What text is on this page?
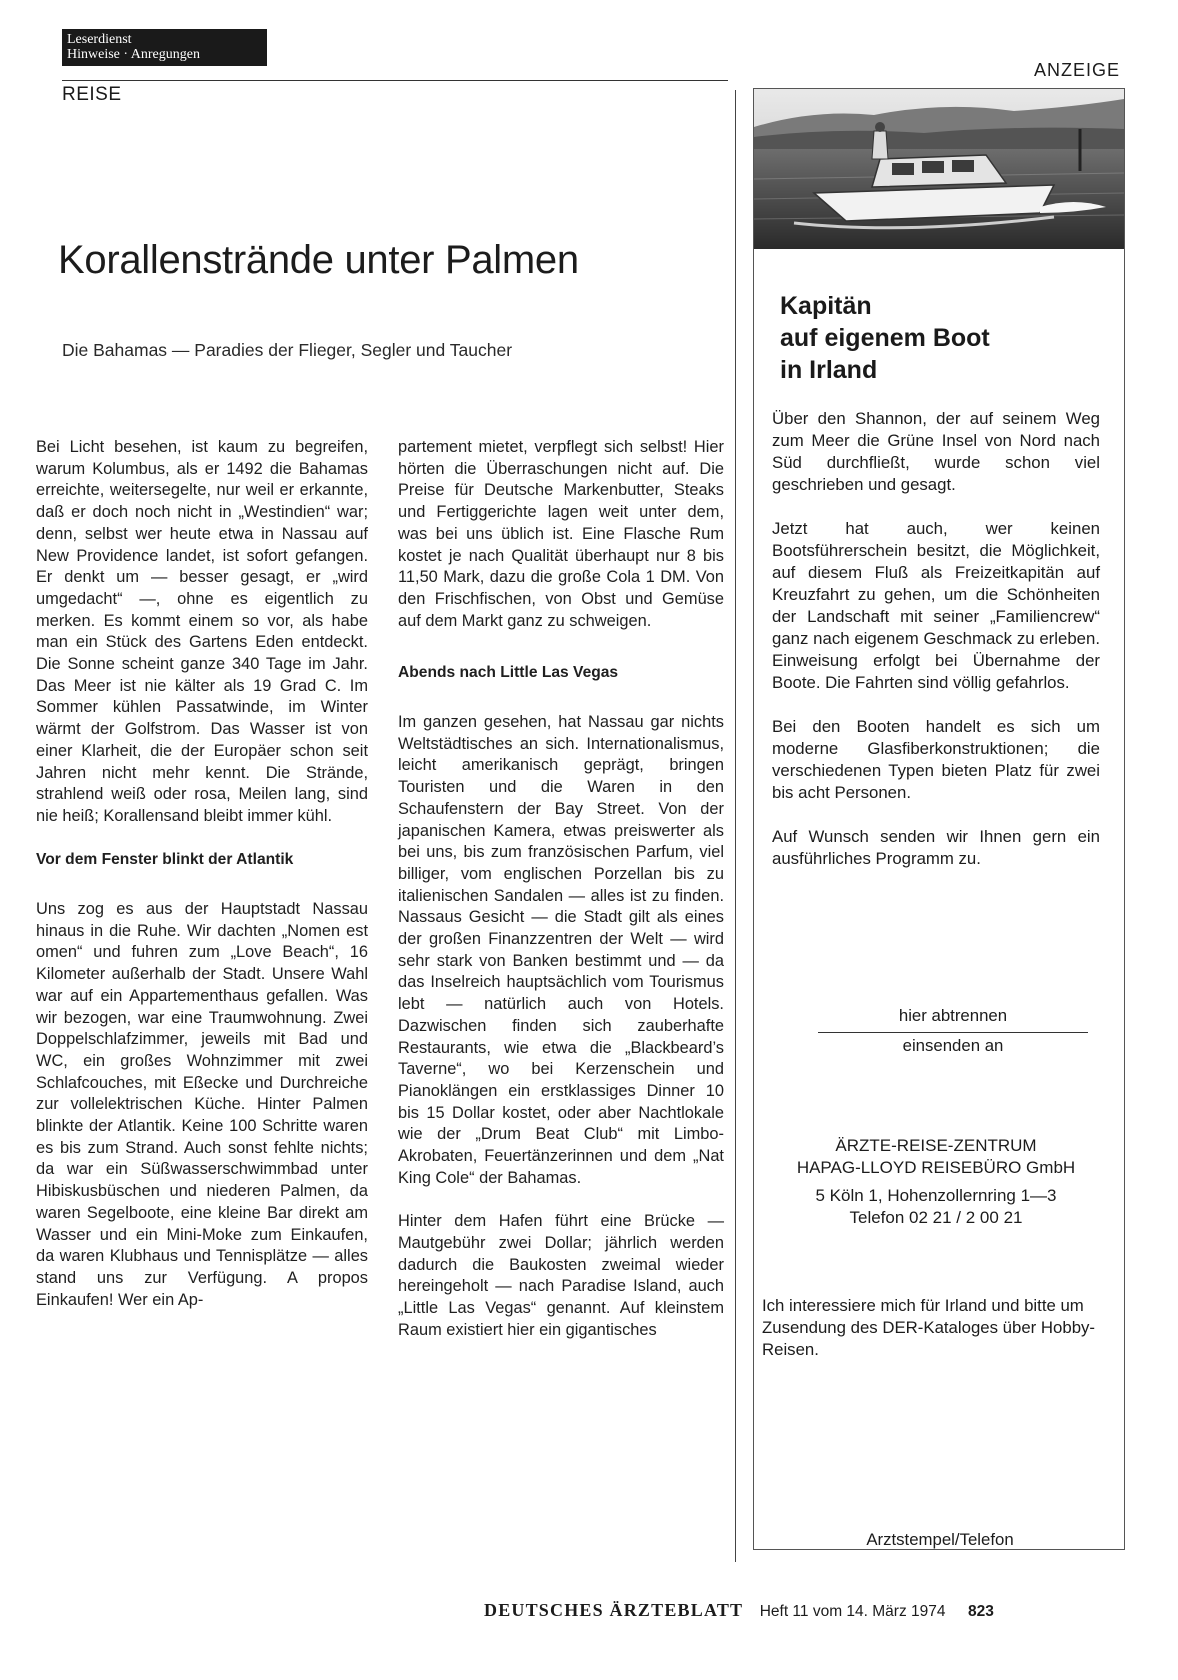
Leserdienst
Hinweise · Anregungen
REISE
ANZEIGE
Korallenstrände unter Palmen
Die Bahamas — Paradies der Flieger, Segler und Taucher

Bei Licht besehen, ist kaum zu begreifen, warum Kolumbus, als er 1492 die Bahamas erreichte, weitersegelte, nur weil er erkannte, daß er doch noch nicht in „Westindien“ war; denn, selbst wer heute etwa in Nassau auf New Providence landet, ist sofort gefangen. Er denkt um — besser gesagt, er „wird umgedacht“ —, ohne es eigentlich zu merken. Es kommt einem so vor, als habe man ein Stück des Gartens Eden entdeckt. Die Sonne scheint ganze 340 Tage im Jahr. Das Meer ist nie kälter als 19 Grad C. Im Sommer kühlen Passatwinde, im Winter wärmt der Golfstrom. Das Wasser ist von einer Klarheit, die der Europäer schon seit Jahren nicht mehr kennt. Die Strände, strahlend weiß oder rosa, Meilen lang, sind nie heiß; Korallensand bleibt immer kühl.

Vor dem Fenster blinkt der Atlantik

Uns zog es aus der Hauptstadt Nassau hinaus in die Ruhe. Wir dachten „Nomen est omen“ und fuhren zum „Love Beach“, 16 Kilometer außerhalb der Stadt. Unsere Wahl war auf ein Appartementhaus gefallen. Was wir bezogen, war eine Traumwohnung. Zwei Doppelschlafzimmer, jeweils mit Bad und WC, ein großes Wohnzimmer mit zwei Schlafcouches, mit Eßecke und Durchreiche zur vollelektrischen Küche. Hinter Palmen blinkte der Atlantik. Keine 100 Schritte waren es bis zum Strand. Auch sonst fehlte nichts; da war ein Süßwasserschwimmbad unter Hibiskusbüschen und niederen Palmen, da waren Segelboote, eine kleine Bar direkt am Wasser und ein Mini-Moke zum Einkaufen, da waren Klubhaus und Tennisplätze — alles stand uns zur Verfügung. A propos Einkaufen! Wer ein Ap-

partement mietet, verpflegt sich selbst! Hier hörten die Überraschungen nicht auf. Die Preise für Deutsche Markenbutter, Steaks und Fertiggerichte lagen weit unter dem, was bei uns üblich ist. Eine Flasche Rum kostet je nach Qualität überhaupt nur 8 bis 11,50 Mark, dazu die große Cola 1 DM. Von den Frischfischen, von Obst und Gemüse auf dem Markt ganz zu schweigen.

Abends nach Little Las Vegas

Im ganzen gesehen, hat Nassau gar nichts Weltstädtisches an sich. Internationalismus, leicht amerikanisch geprägt, bringen Touristen und die Waren in den Schaufenstern der Bay Street. Von der japanischen Kamera, etwas preiswerter als bei uns, bis zum französischen Parfum, viel billiger, vom englischen Porzellan bis zu italienischen Sandalen — alles ist zu finden. Nassaus Gesicht — die Stadt gilt als eines der großen Finanzzentren der Welt — wird sehr stark von Banken bestimmt und — da das Inselreich hauptsächlich vom Tourismus lebt — natürlich auch von Hotels. Dazwischen finden sich zauberhafte Restaurants, wie etwa die „Blackbeard’s Taverne“, wo bei Kerzenschein und Pianoklängen ein erstklassiges Dinner 10 bis 15 Dollar kostet, oder aber Nachtlokale wie der „Drum Beat Club“ mit Limbo-Akrobaten, Feuertänzerinnen und dem „Nat King Cole“ der Bahamas.

Hinter dem Hafen führt eine Brücke — Mautgebühr zwei Dollar; jährlich werden dadurch die Baukosten zweimal wieder hereingeholt — nach Paradise Island, auch „Little Las Vegas“ genannt. Auf kleinstem Raum existiert hier ein gigantisches

Kapitän
auf eigenem Boot
in Irland

Über den Shannon, der auf seinem Weg zum Meer die Grüne Insel von Nord nach Süd durchfließt, wurde schon viel geschrieben und gesagt.

Jetzt hat auch, wer keinen Bootsführerschein besitzt, die Möglichkeit, auf diesem Fluß als Freizeitkapitän auf Kreuzfahrt zu gehen, um die Schönheiten der Landschaft mit seiner „Familiencrew“ ganz nach eigenem Geschmack zu erleben. Einweisung erfolgt bei Übernahme der Boote. Die Fahrten sind völlig gefahrlos.

Bei den Booten handelt es sich um moderne Glasfiberkonstruktionen; die verschiedenen Typen bieten Platz für zwei bis acht Personen.

Auf Wunsch senden wir Ihnen gern ein ausführliches Programm zu.

hier abtrennen
einsenden an
ÄRZTE-REISE-ZENTRUM
HAPAG-LLOYD REISEBÜRO GmbH
5 Köln 1, Hohenzollernring 1—3
Telefon 02 21 / 2 00 21
Ich interessiere mich für Irland und bitte um Zusendung des DER-Kataloges über Hobby-Reisen.
Arztstempel/Telefon
DEUTSCHES ÄRZTEBLATT Heft 11 vom 14. März 1974 823
